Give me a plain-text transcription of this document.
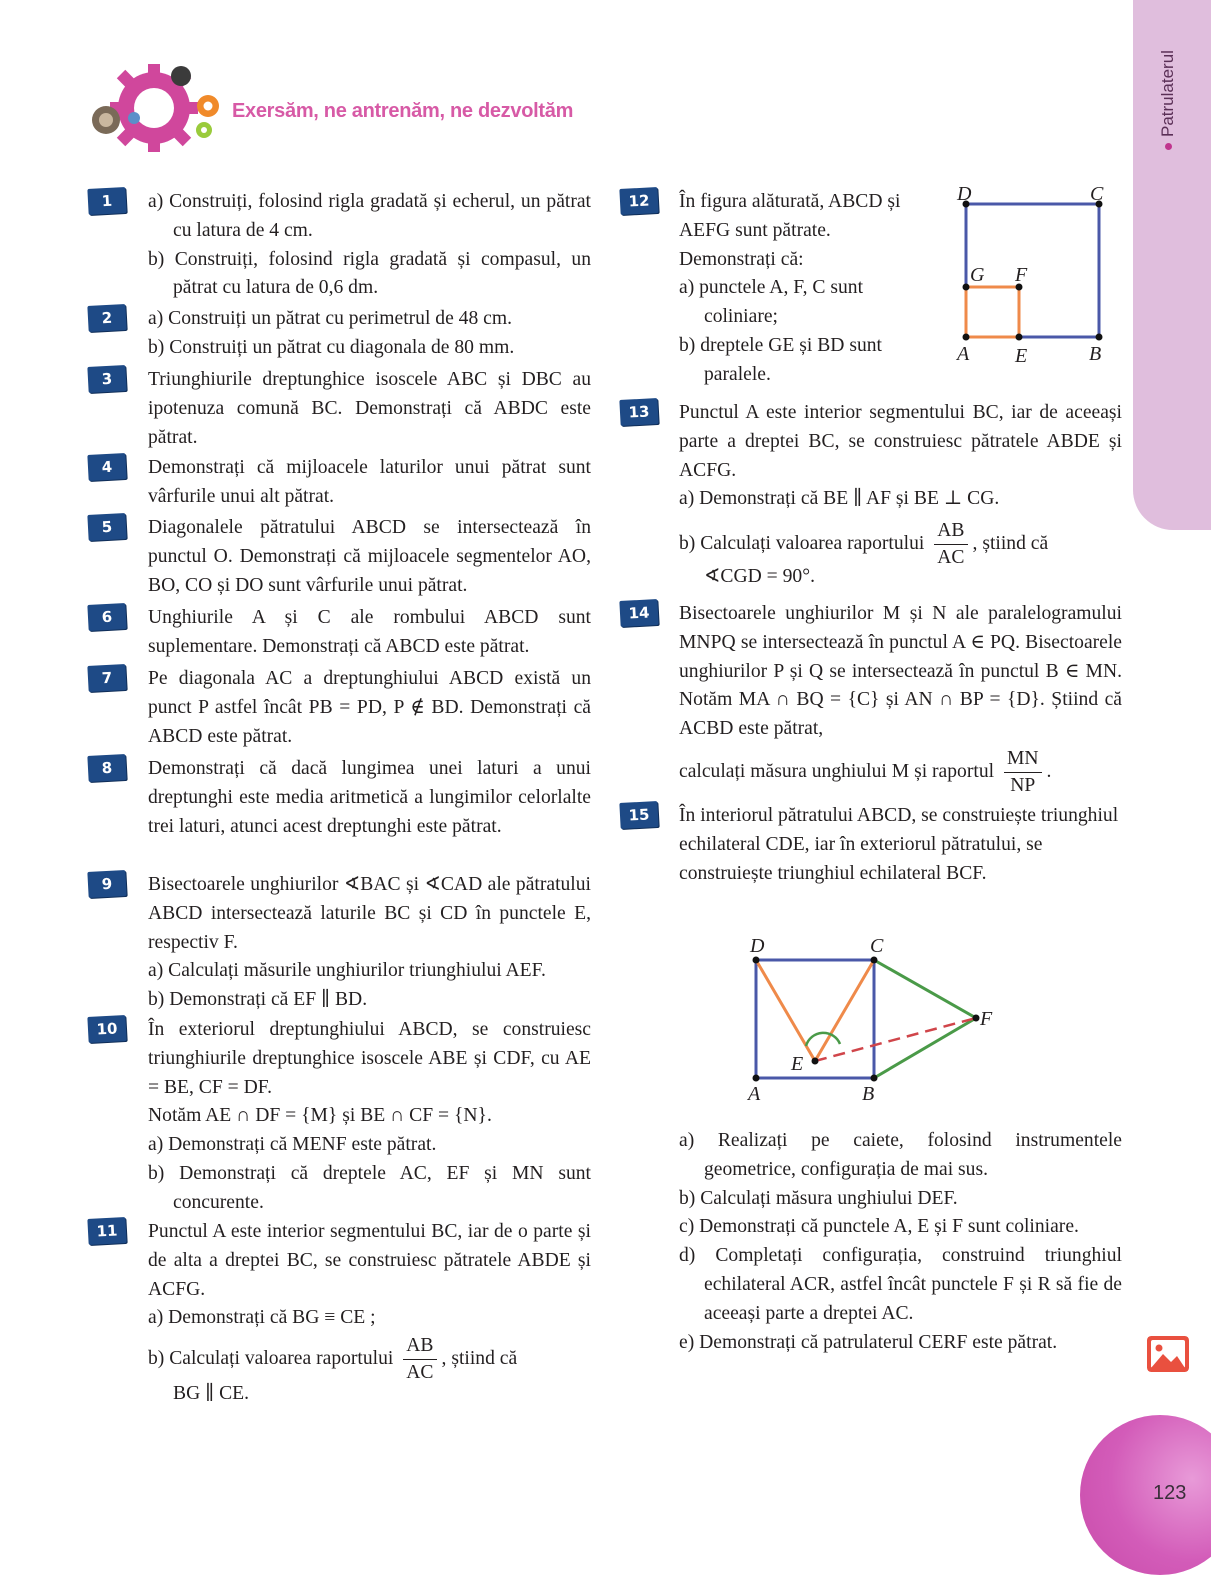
Patrulaterul
123
Exersăm, ne antrenăm, ne dezvoltăm
1	a) Construiți, folosind rigla gradată și echerul, un pătrat cu latura de 4 cm.

b) Construiți, folosind rigla gradată și compasul, un pătrat cu latura de 0,6 dm.

2	a) Construiți un pătrat cu perimetrul de 48 cm.

b) Construiți un pătrat cu diagonala de 80 mm.

3	Triunghiurile dreptunghice isoscele ABC și DBC au ipotenuza comună BC. Demonstrați că ABDC este pătrat.

4	Demonstrați că mijloacele laturilor unui pătrat sunt vârfurile unui alt pătrat.

5	Diagonalele pătratului ABCD se intersectează în punctul O. Demonstrați că mijloacele segmentelor AO, BO, CO și DO sunt vârfurile unui pătrat.

6	Unghiurile A și C ale rombului ABCD sunt suplementare. Demonstrați că ABCD este pătrat.

7	Pe diagonala AC a dreptunghiului ABCD există un punct P astfel încât PB = PD, P ∉ BD. Demonstrați că ABCD este pătrat.

8	Demonstrați că dacă lungimea unei laturi a unui dreptunghi este media aritmetică a lungimilor celorlalte trei laturi, atunci acest dreptunghi este pătrat.

9	Bisectoarele unghiurilor ∢BAC și ∢CAD ale pătratului ABCD intersectează laturile BC și CD în punctele E, respectiv F.

a) Calculați măsurile unghiurilor triunghiului AEF.

b) Demonstrați că EF ∥ BD.

10	În exteriorul dreptunghiului ABCD, se construiesc triunghiurile dreptunghice isoscele ABE și CDF, cu AE = BE, CF = DF.

Notăm AE ∩ DF = {M} și BE ∩ CF = {N}.

a) Demonstrați că MENF este pătrat.

b) Demonstrați că dreptele AC, EF și MN sunt concurente.

11	Punctul A este interior segmentului BC, iar de o parte și de alta a dreptei BC, se construiesc pătratele ABDE și ACFG.

a) Demonstrați că BG ≡ CE ;

b) Calculați valoarea raportului $\frac{AB}{AC}$ , știind că

BG ∥ CE.

12	În figura alăturată, ABCD și AEFG sunt pătrate.

Demonstrați că:

a) punctele A, F, C sunt coliniare;

b) dreptele GE și BD sunt paralele.

D	C
G F
A E	B
13	Punctul A este interior segmentului BC, iar de aceeași parte a dreptei BC, se construiesc pătratele ABDE și ACFG.

a) Demonstrați că BE ∥ AF și BE ⊥ CG.

b) Calculați valoarea raportului $\frac{AB}{AC}$ , știind că

∢CGD = 90°.

14	Bisectoarele unghiurilor M și N ale paralelogramului MNPQ se intersectează în punctul A ∈ PQ. Bisectoarele unghiurilor P și Q se intersectează în punctul B ∈ MN. Notăm MA ∩ BQ = {C} și AN ∩ BP = {D}. Știind că ACBD este pătrat,

calculați măsura unghiului M și raportul $\frac{MN}{NP}$ .

15	În interiorul pătratului ABCD, se construiește triunghiul echilateral CDE, iar în exteriorul pătratului, se construiește triunghiul echilateral BCF.

D	C
F
E
A	B

a) Realizați pe caiete, folosind instrumentele geometrice, configurația de mai sus.

b) Calculați măsura unghiului DEF.

c) Demonstrați că punctele A, E și F sunt coliniare.

d) Completați configurația, construind triunghiul echilateral ACR, astfel încât punctele F și R să fie de aceeași parte a dreptei AC.

e) Demonstrați că patrulaterul CERF este pătrat.
